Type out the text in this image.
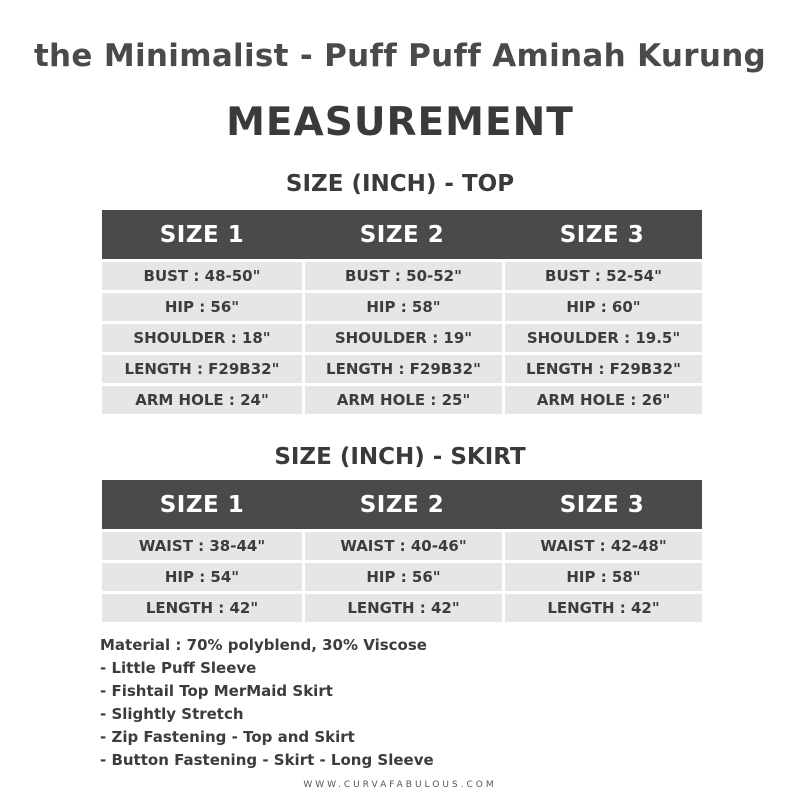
the Minimalist - Puff Puff Aminah Kurung
MEASUREMENT
SIZE (INCH) - TOP
SIZE 1	SIZE 2	SIZE 3
BUST : 48-50"	BUST : 50-52"	BUST : 52-54"
HIP : 56"	HIP : 58"	HIP : 60"
SHOULDER : 18"	SHOULDER : 19"	SHOULDER : 19.5"
LENGTH : F29B32"	LENGTH : F29B32"	LENGTH : F29B32"
ARM HOLE : 24"	ARM HOLE : 25"	ARM HOLE : 26"
SIZE (INCH) - SKIRT
SIZE 1	SIZE 2	SIZE 3
WAIST : 38-44"	WAIST : 40-46"	WAIST : 42-48"
HIP : 54"	HIP : 56"	HIP : 58"
LENGTH : 42"	LENGTH : 42"	LENGTH : 42"
Material : 70% polyblend, 30% Viscose
- Little Puff Sleeve
- Fishtail Top MerMaid Skirt
- Slightly Stretch
- Zip Fastening - Top and Skirt
- Button Fastening - Skirt - Long Sleeve
WWW.CURVAFABULOUS.COM
